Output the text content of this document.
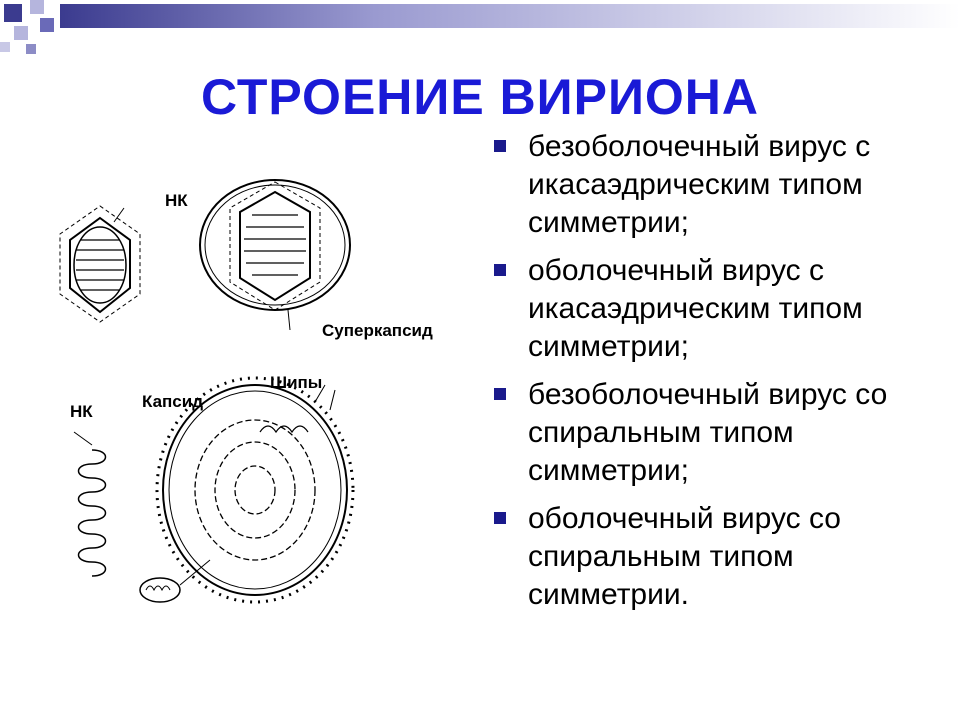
СТРОЕНИЕ ВИРИОНА
НК
Суперкапсид
Шипы
Капсид
НК
безоболочечный вирус с икасаэдрическим типом симметрии;
оболочечный вирус с икасаэдрическим типом симметрии;
безоболочечный вирус со спиральным типом симметрии;
оболочечный вирус со спиральным типом симметрии.
